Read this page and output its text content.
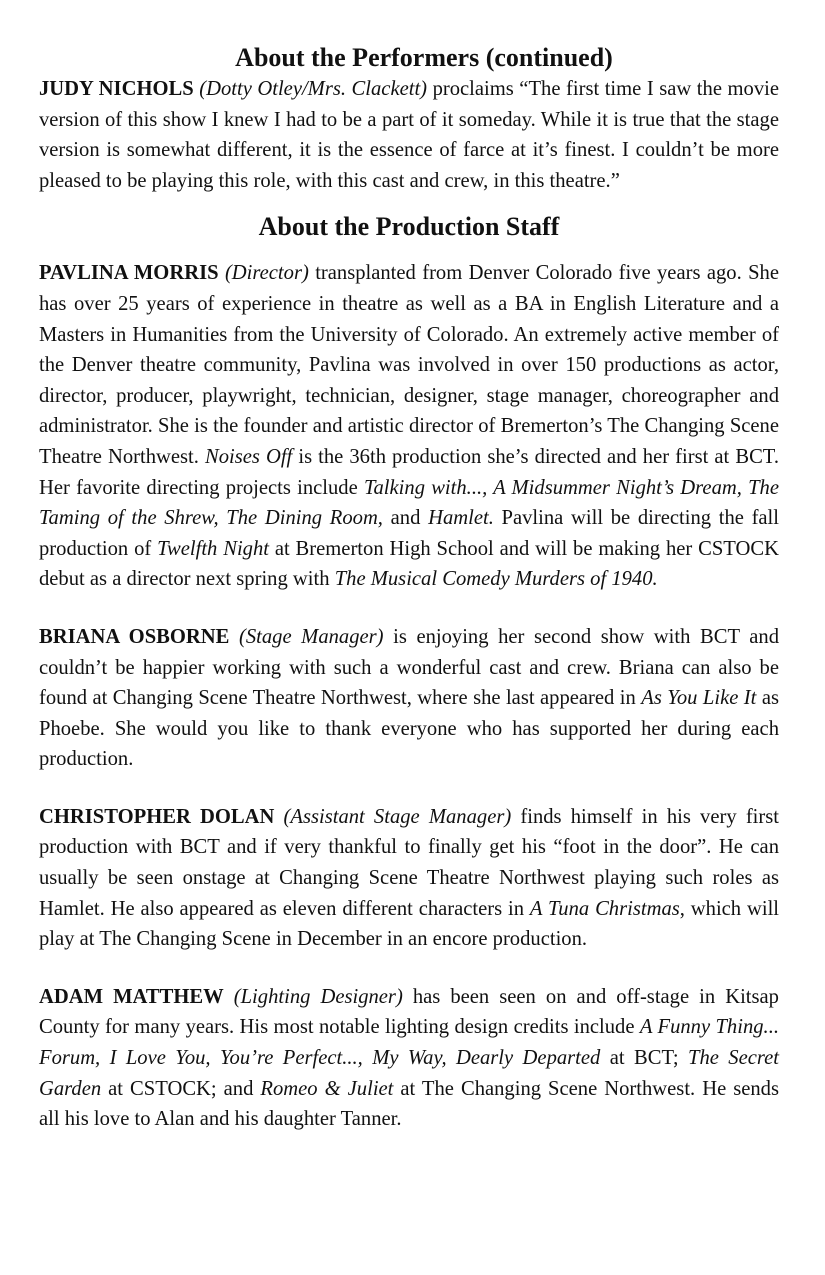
About the Performers (continued)

JUDY NICHOLS (Dotty Otley/Mrs. Clackett) proclaims “The first time I saw the movie version of this show I knew I had to be a part of it someday. While it is true that the stage version is somewhat different, it is the essence of farce at it’s finest. I couldn’t be more pleased to be playing this role, with this cast and crew, in this theatre.”

About the Production Staff

PAVLINA MORRIS (Director) transplanted from Denver Colorado five years ago. She has over 25 years of experience in theatre as well as a BA in English Literature and a Masters in Humanities from the University of Colorado. An extremely active member of the Denver theatre community, Pavlina was involved in over 150 productions as actor, director, producer, playwright, technician, designer, stage manager, choreographer and administrator. She is the founder and artistic director of Bremerton’s The Changing Scene Theatre Northwest. Noises Off is the 36th production she’s directed and her first at BCT. Her favorite directing projects include Talking with..., A Midsummer Night’s Dream, The Taming of the Shrew, The Dining Room, and Hamlet. Pavlina will be directing the fall production of Twelfth Night at Bremerton High School and will be making her CSTOCK debut as a director next spring with The Musical Comedy Murders of 1940.

BRIANA OSBORNE (Stage Manager) is enjoying her second show with BCT and couldn’t be happier working with such a wonderful cast and crew. Briana can also be found at Changing Scene Theatre Northwest, where she last appeared in As You Like It as Phoebe. She would you like to thank everyone who has supported her during each production.

CHRISTOPHER DOLAN (Assistant Stage Manager) finds himself in his very first production with BCT and if very thankful to finally get his “foot in the door”. He can usually be seen onstage at Changing Scene Theatre Northwest playing such roles as Hamlet. He also appeared as eleven different characters in A Tuna Christmas, which will play at The Changing Scene in December in an encore production.

ADAM MATTHEW (Lighting Designer) has been seen on and off-stage in Kitsap County for many years. His most notable lighting design credits include A Funny Thing... Forum, I Love You, You’re Perfect..., My Way, Dearly Departed at BCT; The Secret Garden at CSTOCK; and Romeo & Juliet at The Changing Scene Northwest. He sends all his love to Alan and his daughter Tanner.
